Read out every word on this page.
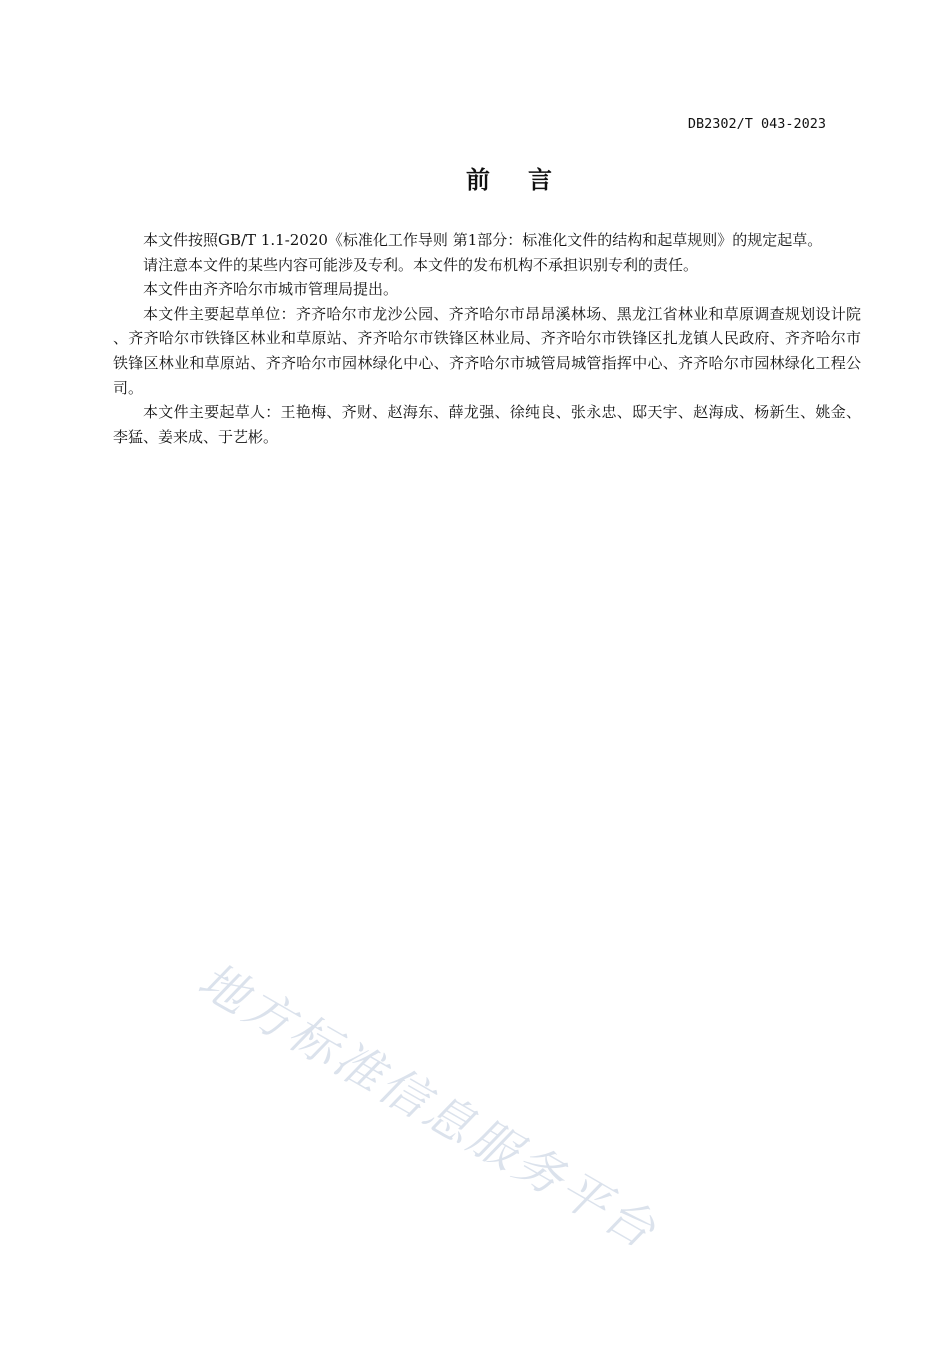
DB2302/T 043-2023
前 言

本文件按照GB/T 1.1-2020《标准化工作导则 第1部分：标准化文件的结构和起草规则》的规定起草。

请注意本文件的某些内容可能涉及专利。本文件的发布机构不承担识别专利的责任。

本文件由齐齐哈尔市城市管理局提出。

本文件主要起草单位：齐齐哈尔市龙沙公园、齐齐哈尔市昂昂溪林场、黑龙江省林业和草原调查规划设计院 、齐齐哈尔市铁锋区林业和草原站、齐齐哈尔市铁锋区林业局、齐齐哈尔市铁锋区扎龙镇人民政府、齐齐哈尔市铁锋区林业和草原站、齐齐哈尔市园林绿化中心、齐齐哈尔市城管局城管指挥中心、齐齐哈尔市园林绿化工程公司。

本文件主要起草人：王艳梅、齐财、赵海东、薛龙强、徐纯良、张永忠、邸天宇、赵海成、杨新生、姚金、李猛、姜来成、于艺彬。

地方标准信息服务平台
